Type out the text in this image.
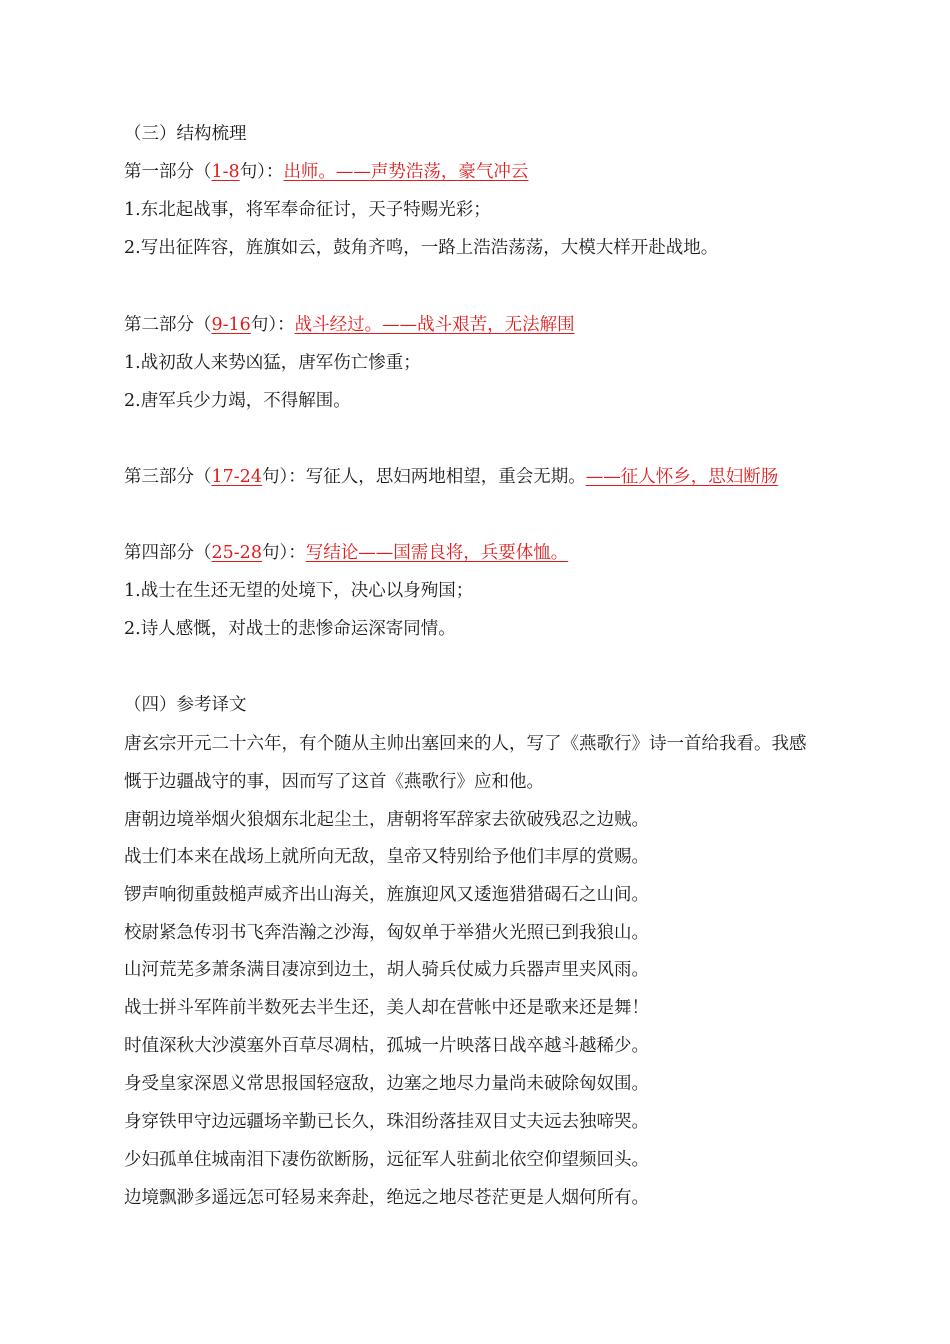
（三）结构梳理
第一部分（1-8句）：出师。——声势浩荡，豪气冲云
1.东北起战事，将军奉命征讨，天子特赐光彩；
2.写出征阵容，旌旗如云，鼓角齐鸣，一路上浩浩荡荡，大模大样开赴战地。
第二部分（9-16句）：战斗经过。——战斗艰苦，无法解围
1.战初敌人来势凶猛，唐军伤亡惨重；
2.唐军兵少力竭，不得解围。
第三部分（17-24句）：写征人，思妇两地相望，重会无期。——征人怀乡，思妇断肠
第四部分（25-28句）：写结论——国需良将，兵要体恤。
1.战士在生还无望的处境下，决心以身殉国；
2.诗人感慨，对战士的悲惨命运深寄同情。
（四）参考译文
唐玄宗开元二十六年，有个随从主帅出塞回来的人，写了《燕歌行》诗一首给我看。我感
慨于边疆战守的事，因而写了这首《燕歌行》应和他。
唐朝边境举烟火狼烟东北起尘土，唐朝将军辞家去欲破残忍之边贼。
战士们本来在战场上就所向无敌，皇帝又特别给予他们丰厚的赏赐。
锣声响彻重鼓槌声威齐出山海关，旌旗迎风又逶迤猎猎碣石之山间。
校尉紧急传羽书飞奔浩瀚之沙海，匈奴单于举猎火光照已到我狼山。
山河荒芜多萧条满目凄凉到边土，胡人骑兵仗威力兵器声里夹风雨。
战士拼斗军阵前半数死去半生还，美人却在营帐中还是歌来还是舞！
时值深秋大沙漠塞外百草尽凋枯，孤城一片映落日战卒越斗越稀少。
身受皇家深恩义常思报国轻寇敌，边塞之地尽力量尚未破除匈奴围。
身穿铁甲守边远疆场辛勤已长久，珠泪纷落挂双目丈夫远去独啼哭。
少妇孤单住城南泪下凄伤欲断肠，远征军人驻蓟北依空仰望频回头。
边境飘渺多遥远怎可轻易来奔赴，绝远之地尽苍茫更是人烟何所有。
